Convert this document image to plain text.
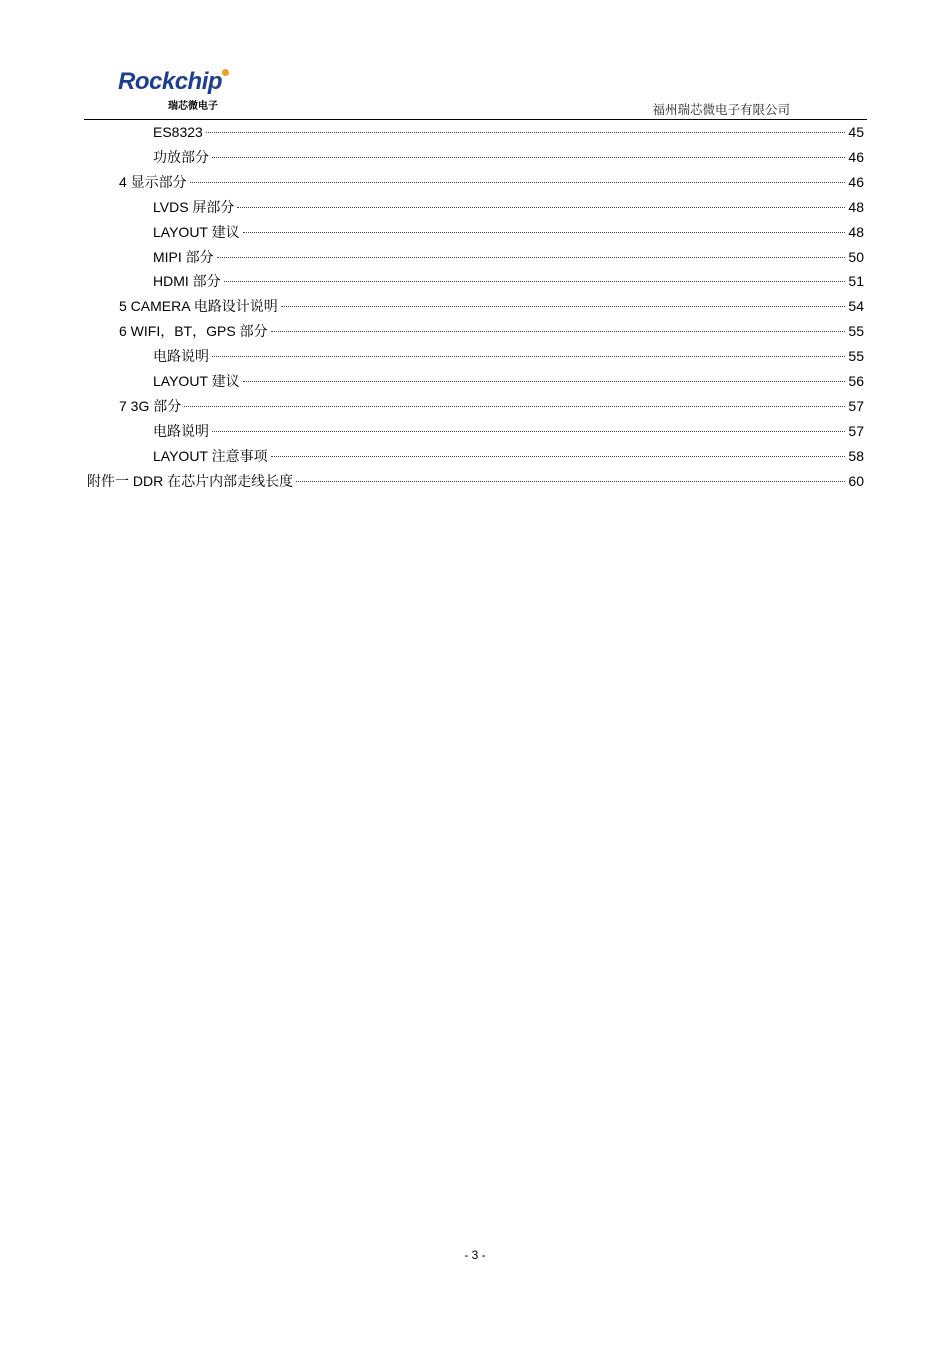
Rockchip
瑞芯微电子	福州瑞芯微电子有限公司
ES8323	45
功放部分	46
4 显示部分	46
LVDS 屏部分	48
LAYOUT 建议	48
MIPI 部分	50
HDMI 部分	51
5 CAMERA 电路设计说明	54
6 WIFI，BT，GPS 部分	55
电路说明	55
LAYOUT 建议	56
7 3G 部分	57
电路说明	57
LAYOUT 注意事项	58
附件一 DDR 在芯片内部走线长度	60
- 3 -
